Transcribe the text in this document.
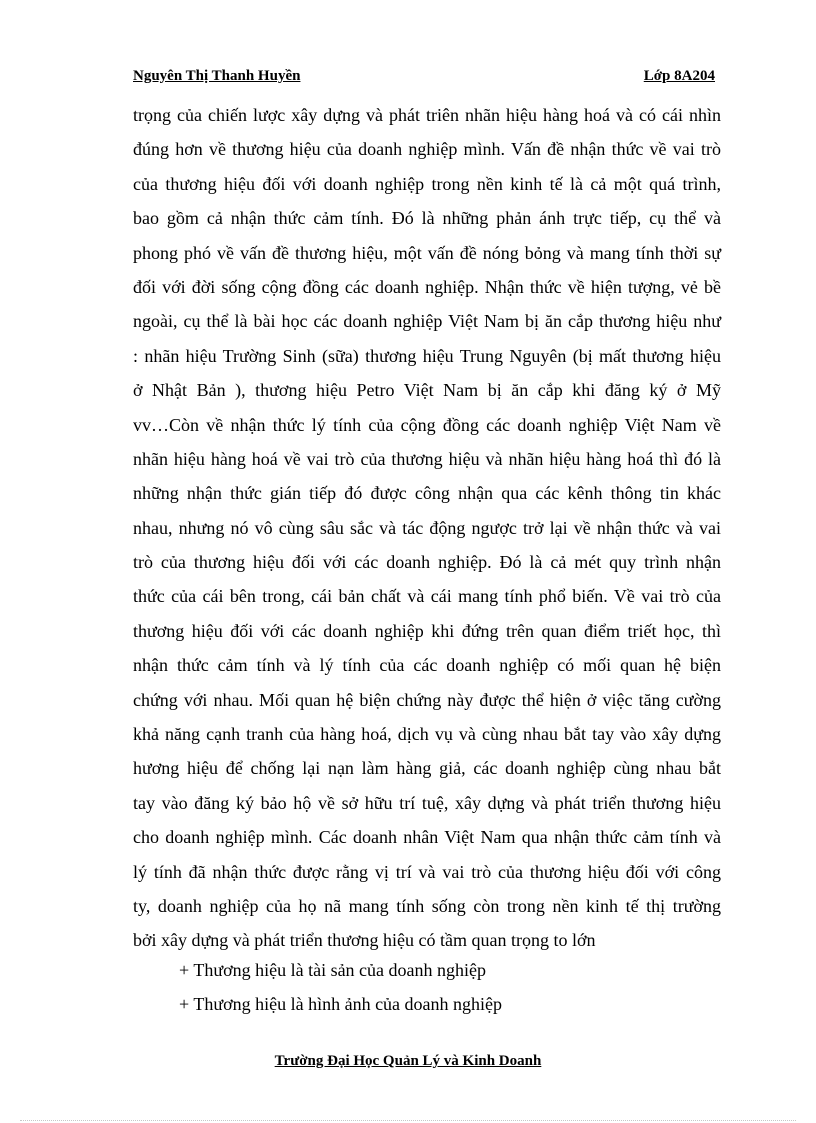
Nguyên Thị Thanh Huyền	Lớp 8A204
trọng của chiến lược xây dựng và phát triên nhãn hiệu hàng hoá và có cái nhìn
đúng hơn về thương hiệu của doanh nghiệp mình. Vấn đề nhận thức về vai trò
của thương hiệu đối với doanh nghiệp trong nền kinh tế là cả một quá trình,
bao gồm cả nhận thức cảm tính. Đó là những phản ánh trực tiếp, cụ thể và
phong phó về vấn đề thương hiệu, một vấn đề nóng bỏng và mang tính thời sự
đối với đời sống cộng đồng các doanh nghiệp. Nhận thức về hiện tượng, vẻ bề
ngoài, cụ thể là bài học các doanh nghiệp Việt Nam bị ăn cắp thương hiệu như
: nhãn hiệu Trường Sinh (sữa) thương hiệu Trung Nguyên (bị mất thương hiệu
ở Nhật Bản ), thương hiệu Petro Việt Nam bị ăn cắp khi đăng ký ở Mỹ
vv…Còn về nhận thức lý tính của cộng đồng các doanh nghiệp Việt Nam về
nhãn hiệu hàng hoá về vai trò của thương hiệu và nhãn hiệu hàng hoá thì đó là
những nhận thức gián tiếp đó được công nhận qua các kênh thông tin khác
nhau, nhưng nó vô cùng sâu sắc và tác động ngược trở lại về nhận thức và vai
trò của thương hiệu đối với các doanh nghiệp. Đó là cả mét quy trình nhận
thức của cái bên trong, cái bản chất và cái mang tính phổ biến. Về vai trò của
thương hiệu đối với các doanh nghiệp khi đứng trên quan điểm triết học, thì
nhận thức cảm tính và lý tính của các doanh nghiệp có mối quan hệ biện
chứng với nhau. Mối quan hệ biện chứng này được thể hiện ở việc tăng cường
khả năng cạnh tranh của hàng hoá, dịch vụ và cùng nhau bắt tay vào xây dựng
hương hiệu để chống lại nạn làm hàng giả, các doanh nghiệp cùng nhau bắt
tay vào đăng ký bảo hộ về sở hữu trí tuệ, xây dựng và phát triển thương hiệu
cho doanh nghiệp mình. Các doanh nhân Việt Nam qua nhận thức cảm tính và
lý tính đã nhận thức được rằng vị trí và vai trò của thương hiệu đối với công
ty, doanh nghiệp của họ nã mang tính sống còn trong nền kinh tế thị trường
bởi xây dựng và phát triển thương hiệu có tầm quan trọng to lớn
+ Thương hiệu là tài sản của doanh nghiệp
+ Thương hiệu là hình ảnh của doanh nghiệp
Trường Đại Học Quản Lý và Kinh Doanh
